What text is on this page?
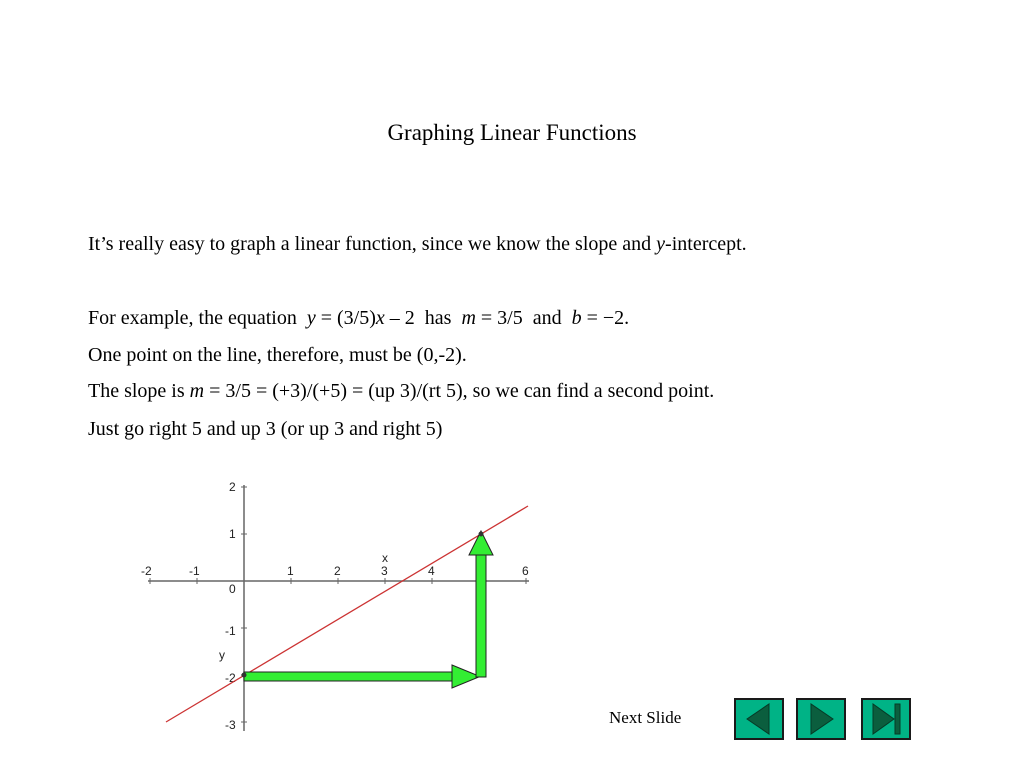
Graphing Linear Functions
It’s really easy to graph a linear function, since we know the slope and y-intercept.
For example, the equation  y = (3/5)x – 2 has m = 3/5 and b = −2.
One point on the line, therefore, must be (0,-2).
The slope is m = 3/5 = (+3)/(+5) = (up 3)/(rt 5), so we can find a second point.
Just go right 5 and up 3 (or up 3 and right 5)
-2	-1	1	2	3	4	6
x
2
1
0
-1
-2
-3
y
Next Slide
